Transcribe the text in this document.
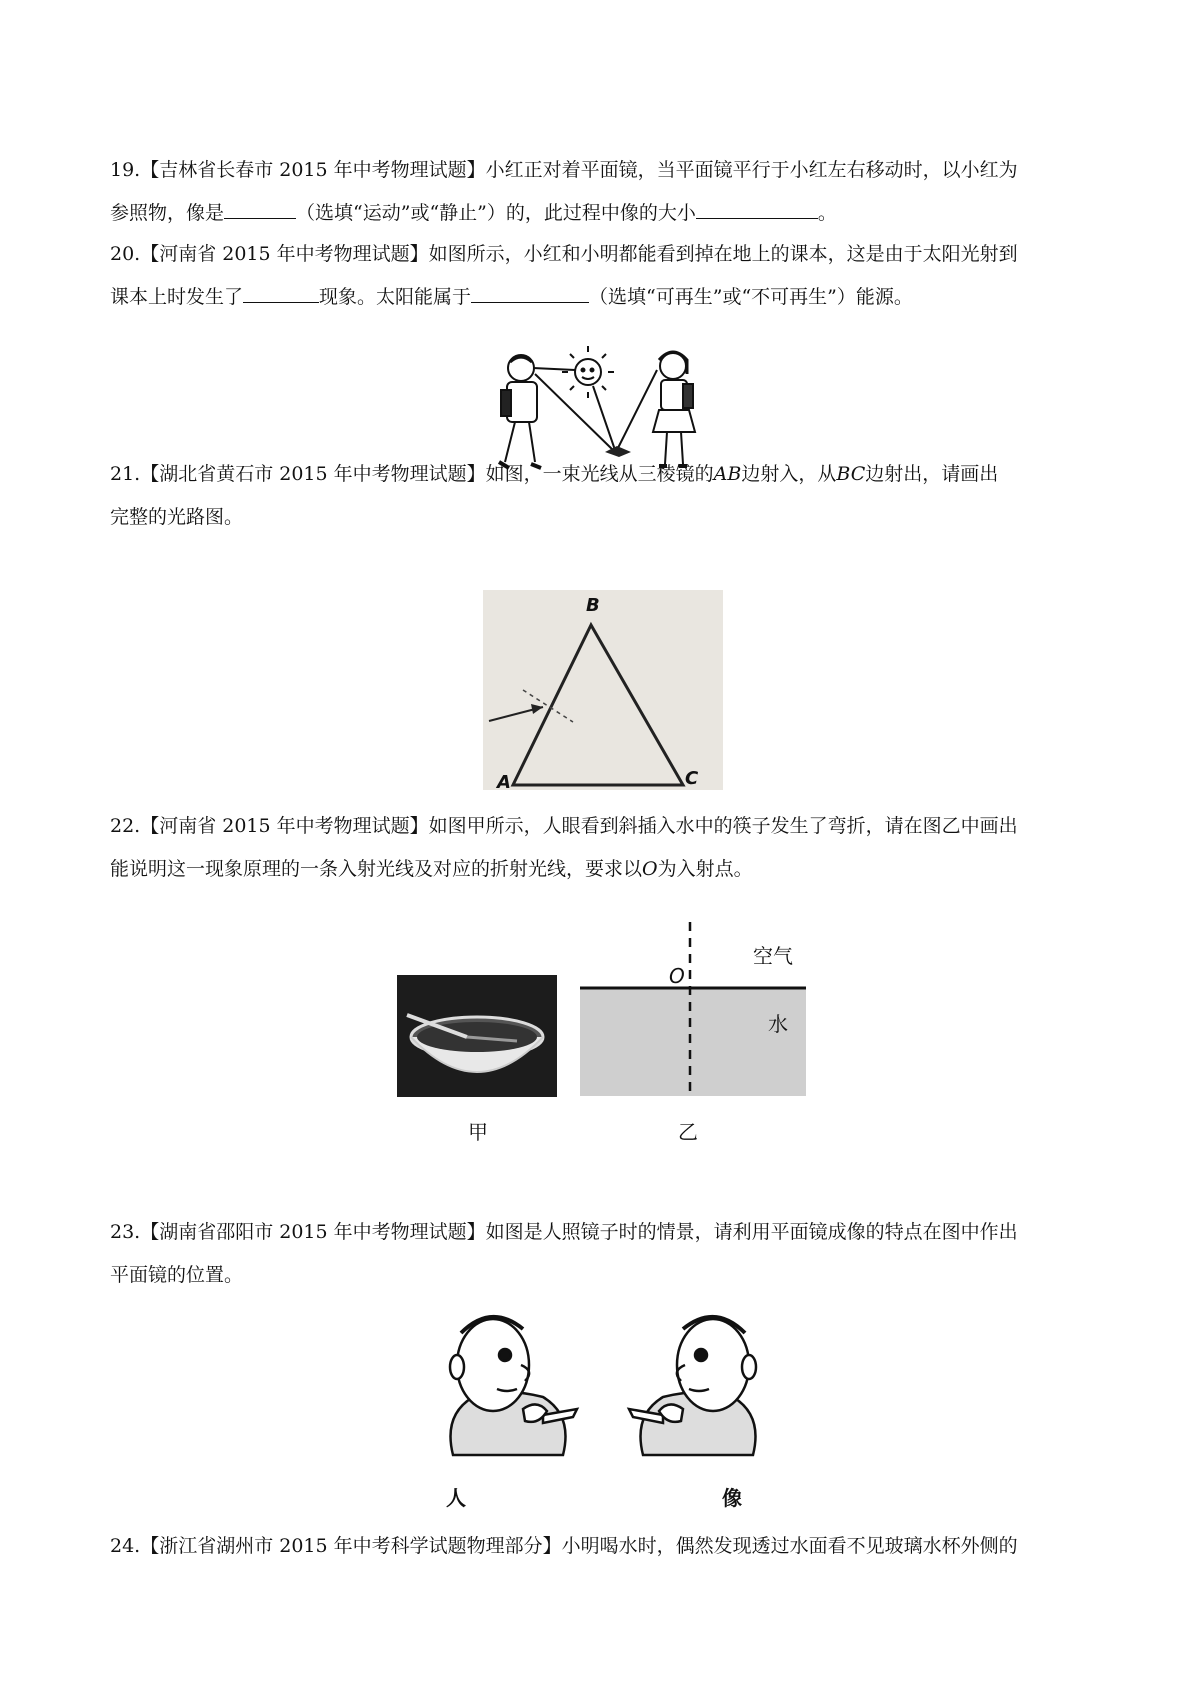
19.【吉林省长春市 2015 年中考物理试题】小红正对着平面镜，当平面镜平行于小红左右移动时，以小红为
参照物，像是	（选填“运动”或“静止”）的，此过程中像的大小	。
20.【河南省 2015 年中考物理试题】如图所示，小红和小明都能看到掉在地上的课本，这是由于太阳光射到
课本上时发生了	现象。太阳能属于	（选填“可再生”或“不可再生”）能源。
21.【湖北省黄石市 2015 年中考物理试题】如图，一束光线从三棱镜的AB边射入，从BC边射出，请画出
完整的光路图。
B
A	C
22.【河南省 2015 年中考物理试题】如图甲所示，人眼看到斜插入水中的筷子发生了弯折，请在图乙中画出
能说明这一现象原理的一条入射光线及对应的折射光线，要求以O为入射点。
甲
空气
O
水
乙
23.【湖南省邵阳市 2015 年中考物理试题】如图是人照镜子时的情景，请利用平面镜成像的特点在图中作出
平面镜的位置。
人	像
24.【浙江省湖州市 2015 年中考科学试题物理部分】小明喝水时，偶然发现透过水面看不见玻璃水杯外侧的
